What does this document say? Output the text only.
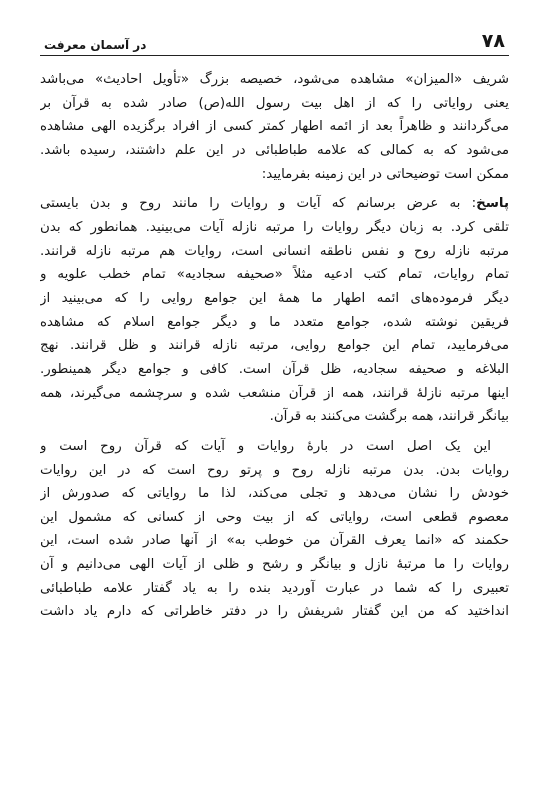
۷۸
در آسمان معرفت
شریف «المیزان» مشاهده می‌شود، خصیصه بزرگ «تأویل احادیث» می‌باشد
یعنی روایاتی را که از اهل بیت رسول الله(ص) صادر شده به قرآن بر
می‌گردانند و ظاهراً بعد از ائمه اطهار کمتر کسی از افراد برگزیده الهی مشاهده
می‌شود که به کمالی که علامه طباطبائی در این علم داشتند، رسیده باشد.
ممکن است توضیحاتی در این زمینه بفرمایید:
پاسخ: به عرض برسانم که آیات و روایات را مانند روح و بدن بایستی
تلقی کرد. به زبان دیگر روایات را مرتبه نازله آیات می‌بینید. همانطور که بدن
مرتبه نازله روح و نفس ناطقه انسانی است، روایات هم مرتبه نازله قرانند.
تمام روایات، تمام کتب ادعیه مثلاً «صحیفه سجادیه» تمام خطب علویه و
دیگر فرموده‌های ائمه اطهار ما همهٔ این جوامع روایی را که می‌بینید از
فریقین نوشته شده، جوامع متعدد ما و دیگر جوامع اسلام که مشاهده
می‌فرمایید، تمام این جوامع روایی، مرتبه نازله قرانند و ظل قرانند. نهج
البلاغه و صحیفه سجادیه، ظل قرآن است. کافی و جوامع دیگر همینطور.
اینها مرتبه نازلهٔ قرانند، همه از قرآن منشعب شده و سرچشمه می‌گیرند، همه
بیانگر قرانند، همه برگشت می‌کنند به قرآن.
این یک اصل است در بارهٔ روایات و آیات که قرآن روح است و
روایات بدن. بدن مرتبه نازله روح و پرتو روح است که در این روایات
خودش را نشان می‌دهد و تجلی می‌کند، لذا ما روایاتی که صدورش از
معصوم قطعی است، روایاتی که از بیت وحی از کسانی که مشمول این
حکمند که «انما یعرف القرآن من خوطب به» از آنها صادر شده است، این
روایات را ما مرتبهٔ نازل و بیانگر و رشح و ظلی از آیات الهی می‌دانیم و آن
تعبیری را که شما در عبارت آوردید بنده را به یاد گفتار علامه طباطبائی
انداختید که من این گفتار شریفش را در دفتر خاطراتی که دارم یاد داشت
